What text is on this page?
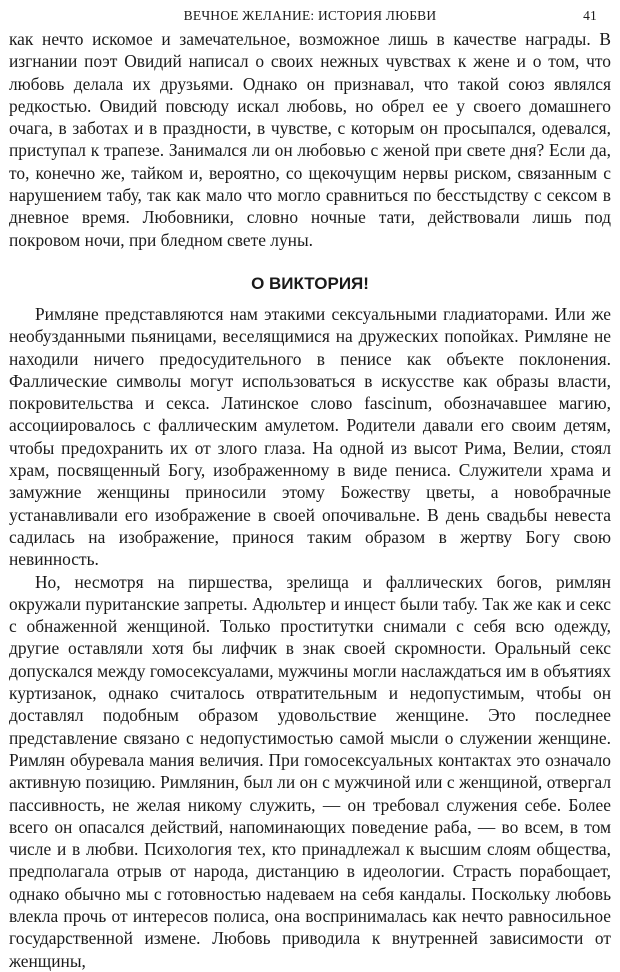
ВЕЧНОЕ ЖЕЛАНИЕ: ИСТОРИЯ ЛЮБВИ	41

как нечто искомое и замечательное, возможное лишь в качестве награды. В изгнании поэт Овидий написал о своих нежных чувствах к жене и о том, что любовь делала их друзьями. Однако он признавал, что такой союз являлся редкостью. Овидий повсюду искал любовь, но обрел ее у своего домашнего очага, в заботах и в праздности, в чувстве, с которым он просыпался, одевался, приступал к трапезе. Занимался ли он любовью с женой при свете дня? Если да, то, конечно же, тайком и, вероятно, со щекочущим нервы риском, связанным с нарушением табу, так как мало что могло сравниться по бесстыдству с сексом в дневное время. Любовники, словно ночные тати, действовали лишь под покровом ночи, при бледном свете луны.

О ВИКТОРИЯ!

Римляне представляются нам этакими сексуальными гладиаторами. Или же необузданными пьяницами, веселящимися на дружеских попойках. Римляне не находили ничего предосудительного в пенисе как объекте поклонения. Фаллические символы могут использоваться в искусстве как образы власти, покровительства и секса. Латинское слово fascinum, обозначавшее магию, ассоциировалось с фаллическим амулетом. Родители давали его своим детям, чтобы предохранить их от злого глаза. На одной из высот Рима, Велии, стоял храм, посвященный Богу, изображенному в виде пениса. Служители храма и замужние женщины приносили этому Божеству цветы, а новобрачные устанавливали его изображение в своей опочивальне. В день свадьбы невеста садилась на изображение, принося таким образом в жертву Богу свою невинность.

Но, несмотря на пиршества, зрелища и фаллических богов, римлян окружали пуританские запреты. Адюльтер и инцест были табу. Так же как и секс с обнаженной женщиной. Только проститутки снимали с себя всю одежду, другие оставляли хотя бы лифчик в знак своей скромности. Оральный секс допускался между гомосексуалами, мужчины могли наслаждаться им в объятиях куртизанок, однако считалось отвратительным и недопустимым, чтобы он доставлял подобным образом удовольствие женщине. Это последнее представление связано с недопустимостью самой мысли о служении женщине. Римлян обуревала мания величия. При гомосексуальных контактах это означало активную позицию. Римлянин, был ли он с мужчиной или с женщиной, отвергал пассивность, не желая никому служить, — он требовал служения себе. Более всего он опасался действий, напоминающих поведение раба, — во всем, в том числе и в любви. Психология тех, кто принадлежал к высшим слоям общества, предполагала отрыв от народа, дистанцию в идеологии. Страсть порабощает, однако обычно мы с готовностью надеваем на себя кандалы. Поскольку любовь влекла прочь от интересов полиса, она воспринималась как нечто равносильное государственной измене. Любовь приводила к внутренней зависимости от женщины,
